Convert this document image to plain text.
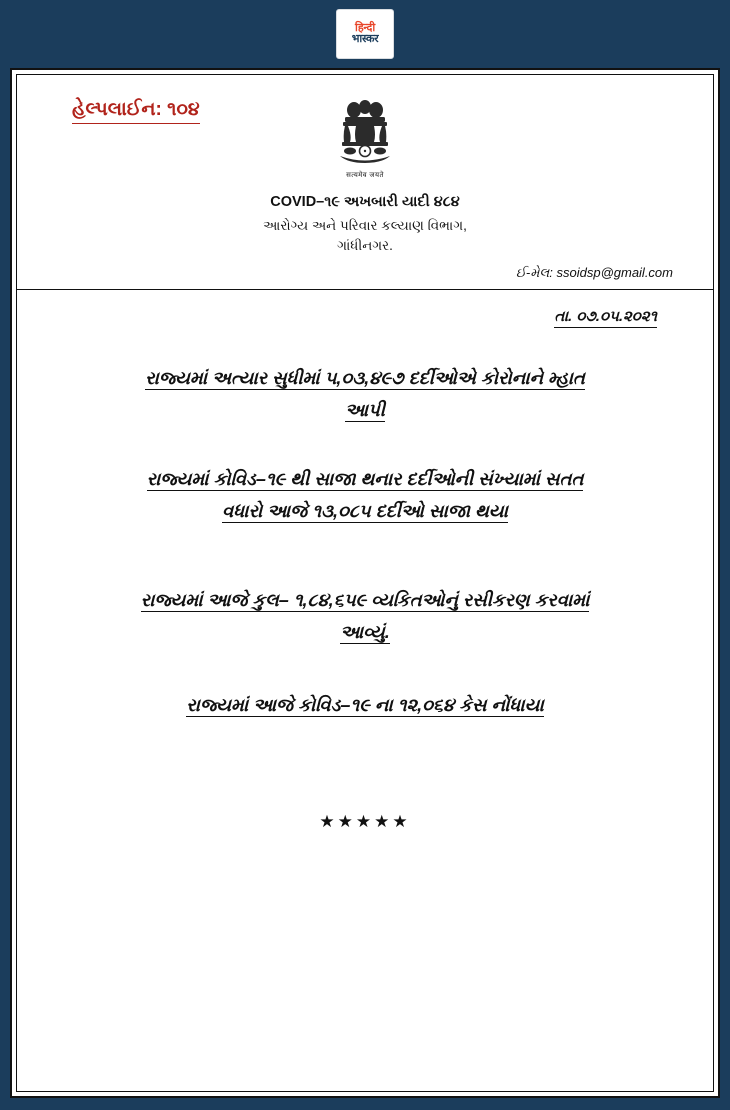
हिन्दी
भास्कर
હેલ્પલાઈન: ૧૦૪
सत्यमेव जयते
COVID–૧૯ અખબારી યાદી ૪૮૪
આરોગ્ય અને પરિવાર કલ્યાણ વિભાગ,
ગાંધીનગર.
ઈ-મેલ: ssoidsp@gmail.com
તા. ૦૭.૦૫.૨૦૨૧
રાજ્યમાં અત્યાર સુધીમાં ૫,૦૩,૪૯૭ દર્દીઓએ કોરોનાને મ્હાત
આપી
રાજ્યમાં કોવિડ–૧૯ થી સાજા થનાર દર્દીઓની સંખ્યામાં સતત
વધારો આજે ૧૩,૦૮૫ દર્દીઓ સાજા થયા
રાજ્યમાં આજે કુલ– ૧,૮૪,૬૫૯ વ્યકિતઓનું રસીકરણ કરવામાં
આવ્યું.
રાજ્યમાં આજે કોવિડ–૧૯ ના ૧૨,૦૬૪ કેસ નોંધાયા
★★★★★
